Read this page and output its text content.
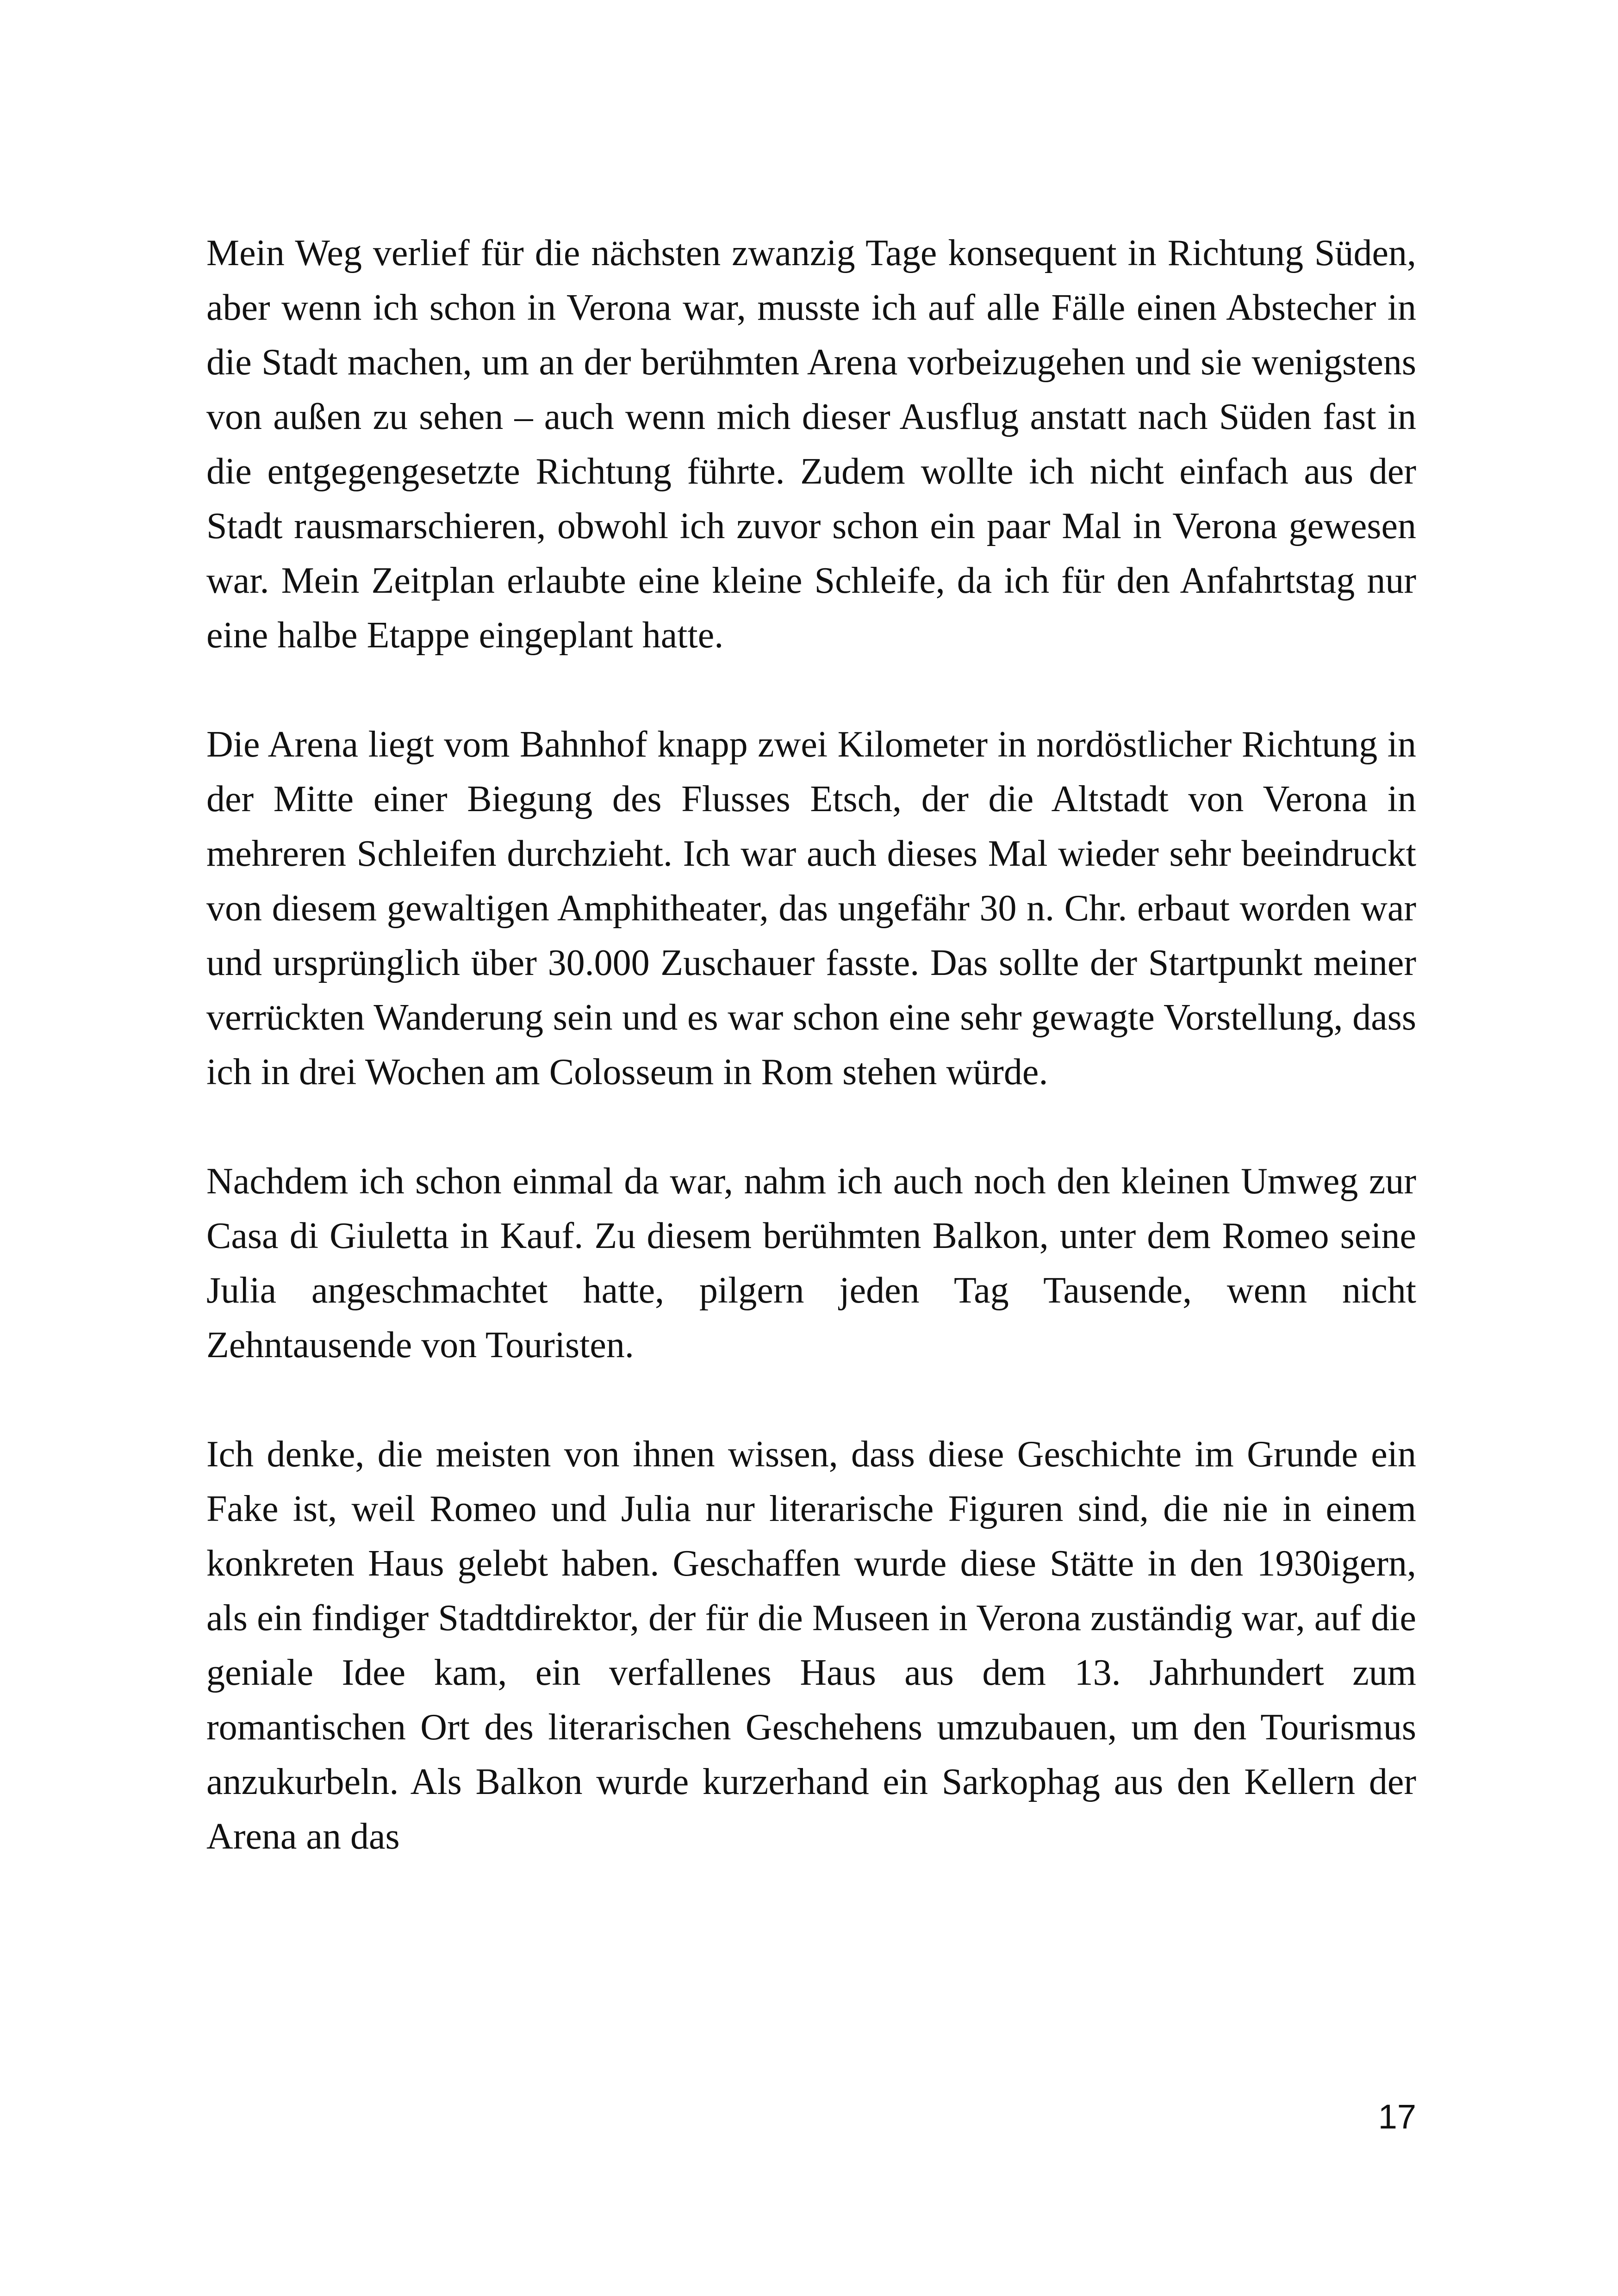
Mein Weg verlief für die nächsten zwanzig Tage konsequent in Richtung Süden, aber wenn ich schon in Verona war, musste ich auf alle Fälle einen Abstecher in die Stadt machen, um an der berühmten Arena vorbeizugehen und sie wenigstens von außen zu sehen – auch wenn mich dieser Ausflug anstatt nach Süden fast in die entgegengesetzte Richtung führte. Zudem wollte ich nicht einfach aus der Stadt rausmarschieren, obwohl ich zuvor schon ein paar Mal in Verona gewesen war. Mein Zeitplan erlaubte eine kleine Schleife, da ich für den Anfahrtstag nur eine halbe Etappe eingeplant hatte.

Die Arena liegt vom Bahnhof knapp zwei Kilometer in nordöstlicher Richtung in der Mitte einer Biegung des Flusses Etsch, der die Altstadt von Verona in mehreren Schleifen durchzieht. Ich war auch dieses Mal wieder sehr beeindruckt von diesem gewaltigen Amphitheater, das ungefähr 30 n. Chr. erbaut worden war und ursprünglich über 30.000 Zuschauer fasste. Das sollte der Startpunkt meiner verrückten Wanderung sein und es war schon eine sehr gewagte Vorstellung, dass ich in drei Wochen am Colosseum in Rom stehen würde.

Nachdem ich schon einmal da war, nahm ich auch noch den kleinen Umweg zur Casa di Giuletta in Kauf. Zu diesem berühmten Balkon, unter dem Romeo seine Julia angeschmachtet hatte, pilgern jeden Tag Tausende, wenn nicht Zehntausende von Touristen.

Ich denke, die meisten von ihnen wissen, dass diese Geschichte im Grunde ein Fake ist, weil Romeo und Julia nur literarische Figuren sind, die nie in einem konkreten Haus gelebt haben. Geschaffen wurde diese Stätte in den 1930igern, als ein findiger Stadtdirektor, der für die Museen in Verona zuständig war, auf die geniale Idee kam, ein verfallenes Haus aus dem 13. Jahrhundert zum romantischen Ort des literarischen Geschehens umzubauen, um den Tourismus anzukurbeln. Als Balkon wurde kurzerhand ein Sarkophag aus den Kellern der Arena an das

17
